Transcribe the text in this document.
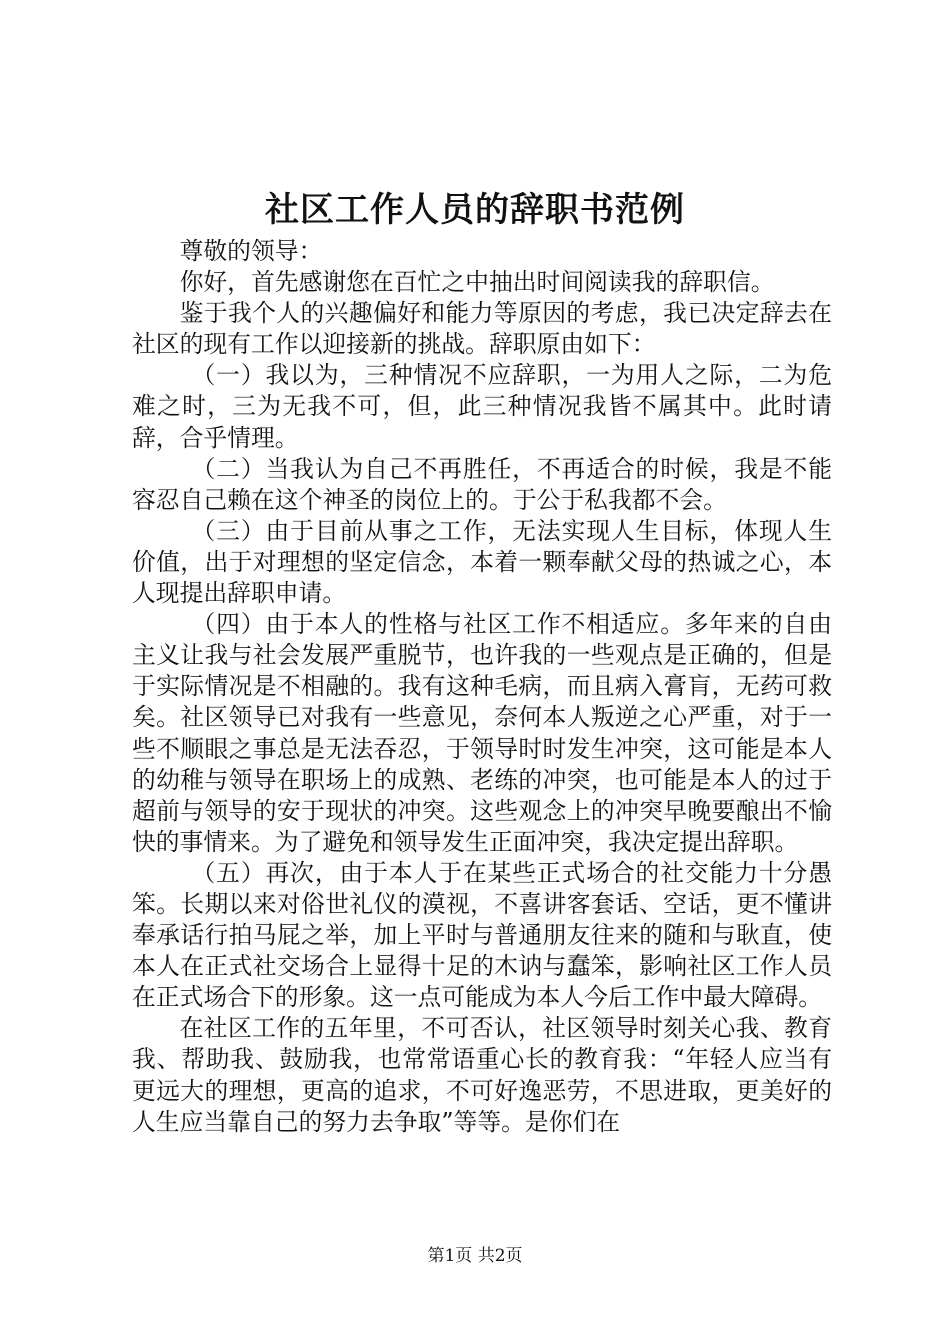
社区工作人员的辞职书范例

尊敬的领导：

你好，首先感谢您在百忙之中抽出时间阅读我的辞职信。

鉴于我个人的兴趣偏好和能力等原因的考虑，我已决定辞去在社区的现有工作以迎接新的挑战。辞职原由如下：

（一）我以为，三种情况不应辞职，一为用人之际，二为危难之时，三为无我不可，但，此三种情况我皆不属其中。此时请辞，合乎情理。

（二）当我认为自己不再胜任，不再适合的时候，我是不能容忍自己赖在这个神圣的岗位上的。于公于私我都不会。

（三）由于目前从事之工作，无法实现人生目标，体现人生价值，出于对理想的坚定信念，本着一颗奉献父母的热诚之心，本人现提出辞职申请。

（四）由于本人的性格与社区工作不相适应。多年来的自由主义让我与社会发展严重脱节，也许我的一些观点是正确的，但是于实际情况是不相融的。我有这种毛病，而且病入膏肓，无药可救矣。社区领导已对我有一些意见，奈何本人叛逆之心严重，对于一些不顺眼之事总是无法吞忍，于领导时时发生冲突，这可能是本人的幼稚与领导在职场上的成熟、老练的冲突，也可能是本人的过于超前与领导的安于现状的冲突。这些观念上的冲突早晚要酿出不愉快的事情来。为了避免和领导发生正面冲突，我决定提出辞职。

（五）再次，由于本人于在某些正式场合的社交能力十分愚笨。长期以来对俗世礼仪的漠视，不喜讲客套话、空话，更不懂讲奉承话行拍马屁之举，加上平时与普通朋友往来的随和与耿直，使本人在正式社交场合上显得十足的木讷与蠢笨，影响社区工作人员在正式场合下的形象。这一点可能成为本人今后工作中最大障碍。

在社区工作的五年里，不可否认，社区领导时刻关心我、教育我、帮助我、鼓励我，也常常语重心长的教育我：“年轻人应当有更远大的理想，更高的追求，不可好逸恶劳，不思进取，更美好的人生应当靠自己的努力去争取”等等。是你们在

第1页 共2页
